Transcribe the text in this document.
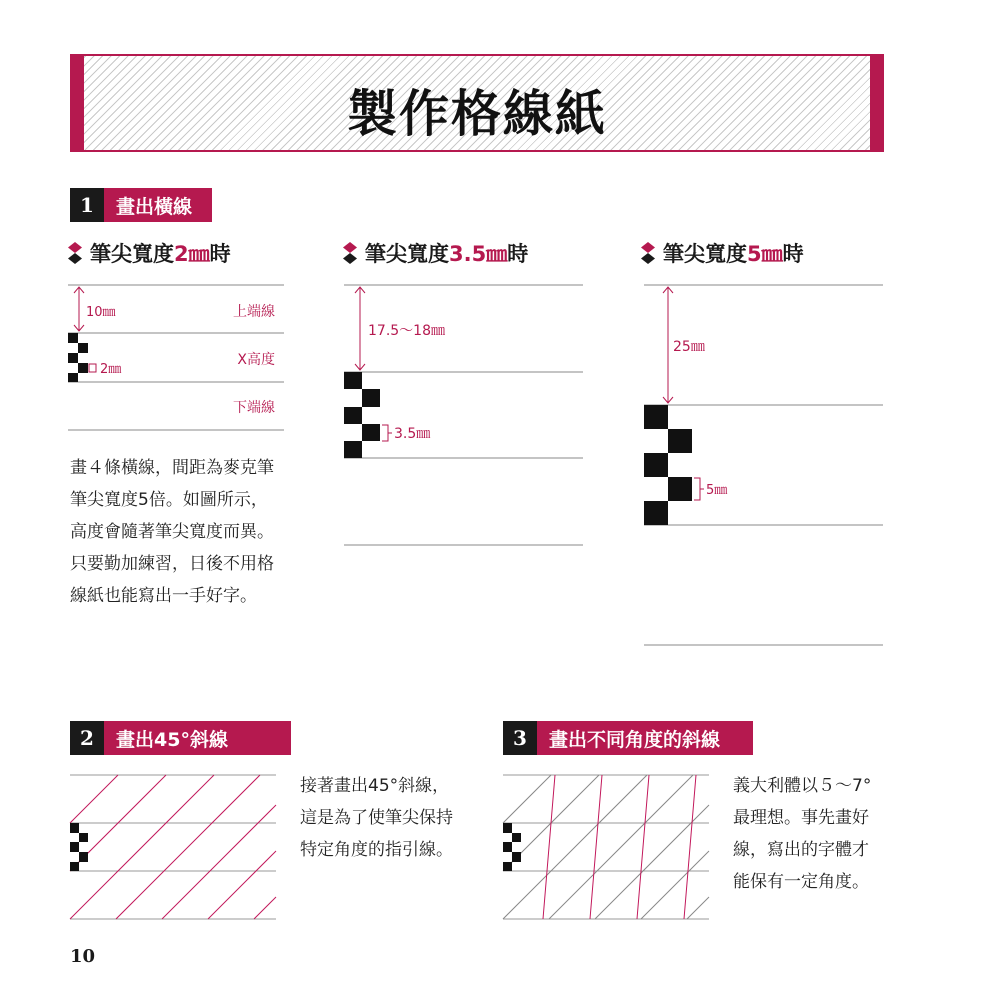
製作格線紙
1	畫出橫線
筆尖寬度 2㎜ 時	筆尖寬度 3.5㎜ 時	筆尖寬度 5㎜ 時
10㎜
2㎜
上端線
X高度
下端線
畫４條橫線，間距為麥克筆
筆尖寬度5倍。如圖所示，
高度會隨著筆尖寬度而異。
只要勤加練習，日後不用格
線紙也能寫出一手好字。
17.5～18㎜
3.5㎜
25㎜
5㎜
2	畫出45°斜線
接著畫出45°斜線，
這是為了使筆尖保持
特定角度的指引線。
3	畫出不同角度的斜線
義大利體以５～7°
最理想。事先畫好
線，寫出的字體才
能保有一定角度。
10
